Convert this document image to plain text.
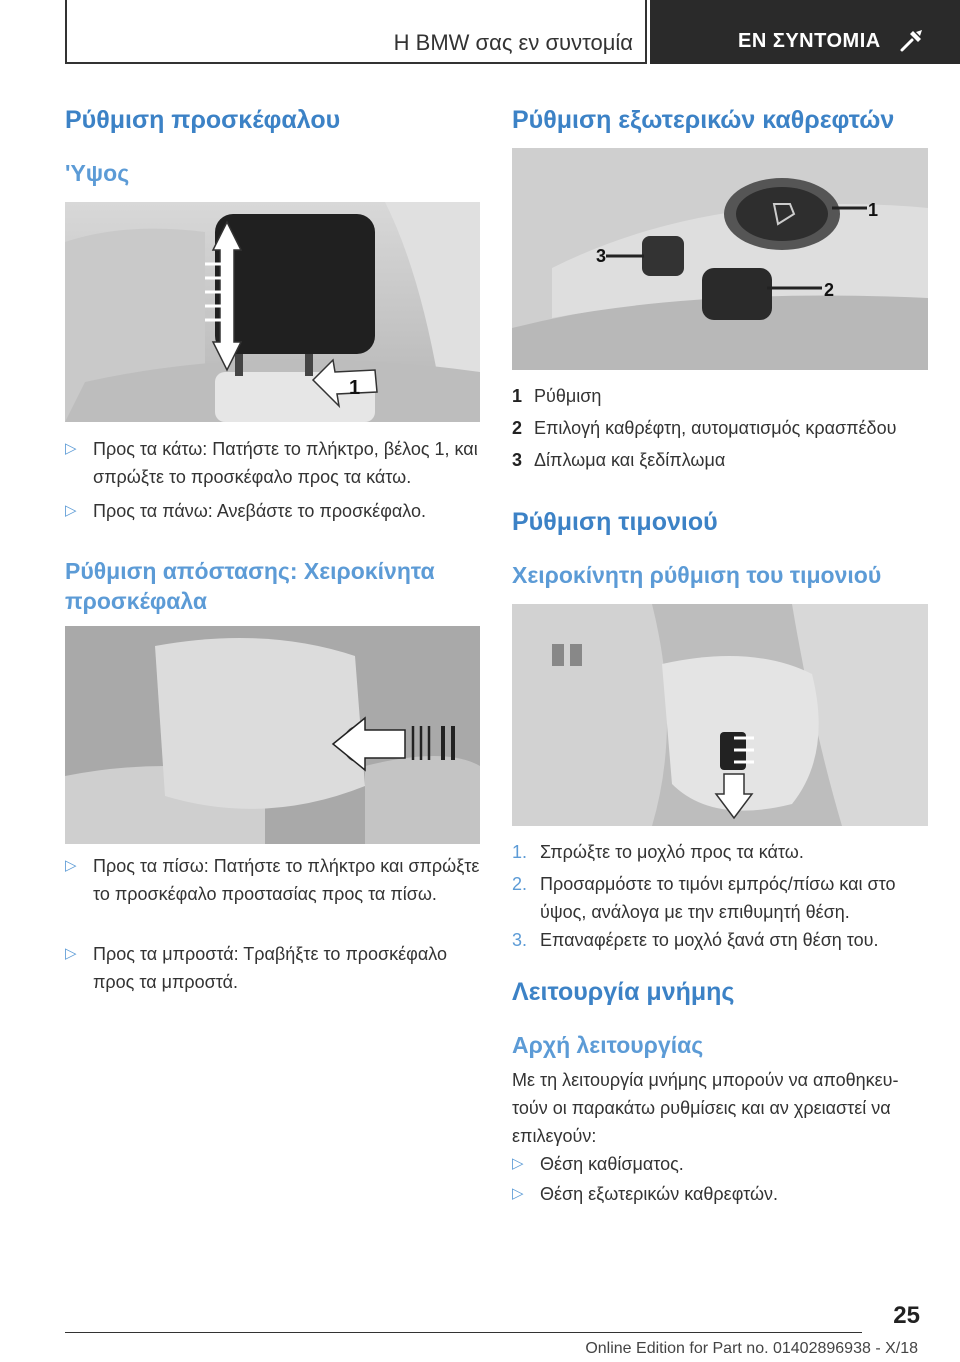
Η BMW σας εν συντομία	ΕΝ ΣΥΝΤΟΜΙΑ
Ρύθμιση προσκέφαλου
'Υψος
1
▷ Προς τα κάτω: Πατήστε το πλήκτρο, βέλος 1, και σπρώξτε το προσκέφαλο προς τα κάτω.
▷ Προς τα πάνω: Ανεβάστε το προσκέφαλο.
Ρύθμιση απόστασης: Χειροκίνητα προσκέφαλα
▷ Προς τα πίσω: Πατήστε το πλήκτρο και σπρώξτε το προσκέφαλο προστασίας προς τα πίσω.
▷ Προς τα μπροστά: Τραβήξτε το προσκέφαλο προς τα μπροστά.
Ρύθμιση εξωτερικών καθρεφτών
1
2
3
1 Ρύθμιση
2 Επιλογή καθρέφτη, αυτοματισμός κρασπέδου
3 Δίπλωμα και ξεδίπλωμα
Ρύθμιση τιμονιού
Χειροκίνητη ρύθμιση του τιμονιού
1. Σπρώξτε το μοχλό προς τα κάτω.
2. Προσαρμόστε το τιμόνι εμπρός/πίσω και στο ύψος, ανάλογα με την επιθυμητή θέση.
3. Επαναφέρετε το μοχλό ξανά στη θέση του.
Λειτουργία μνήμης
Αρχή λειτουργίας
Με τη λειτουργία μνήμης μπορούν να αποθηκευ- τούν οι παρακάτω ρυθμίσεις και αν χρειαστεί να επιλεγούν:
▷ Θέση καθίσματος.
▷ Θέση εξωτερικών καθρεφτών.
25
Online Edition for Part no. 01402896938 - X/18
